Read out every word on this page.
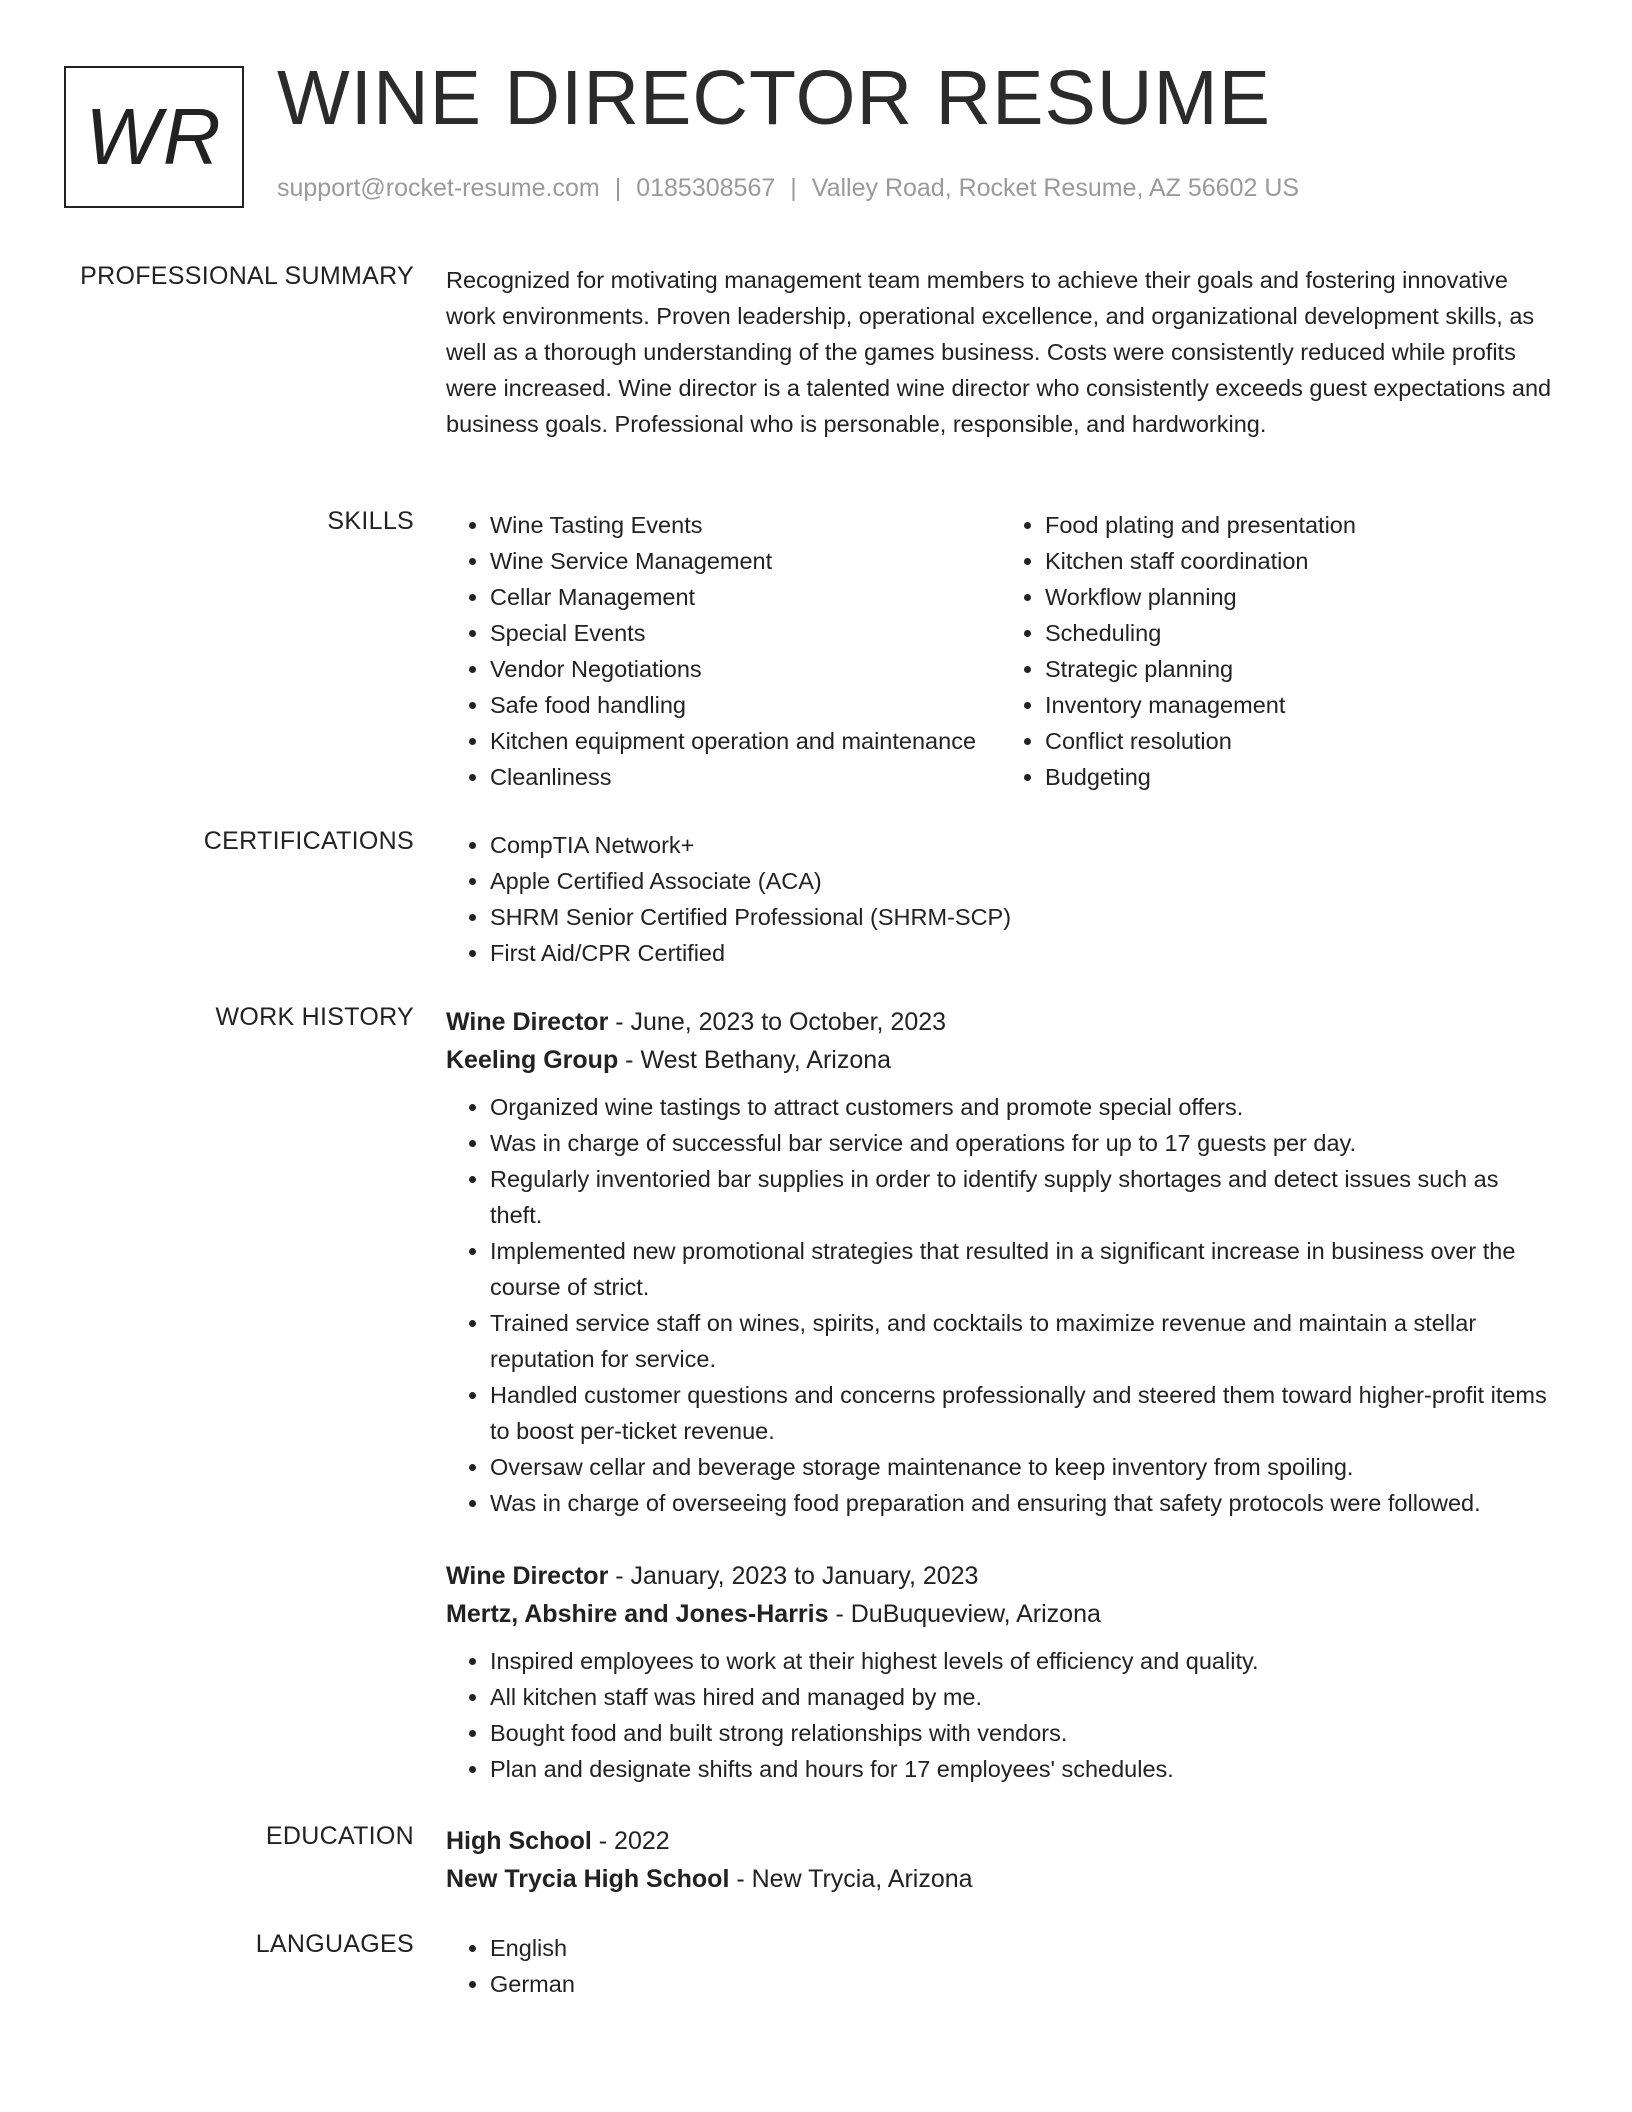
WR WINE DIRECTOR RESUME
support@rocket-resume.com | 0185308567 | Valley Road, Rocket Resume, AZ 56602 US
PROFESSIONAL SUMMARY Recognized for motivating management team members to achieve their goals and fostering innovative work environments. Proven leadership, operational excellence, and organizational development skills, as well as a thorough understanding of the games business. Costs were consistently reduced while profits were increased. Wine director is a talented wine director who consistently exceeds guest expectations and business goals. Professional who is personable, responsible, and hardworking.

SKILLS	• Wine Tasting Events
• Wine Service Management
• Cellar Management
• Special Events
• Vendor Negotiations
• Safe food handling
• Kitchen equipment operation and maintenance
• Cleanliness
• Food plating and presentation
• Kitchen staff coordination
• Workflow planning
• Scheduling
• Strategic planning
• Inventory management
• Conflict resolution
• Budgeting
CERTIFICATIONS	• CompTIA Network+
• Apple Certified Associate (ACA)
• SHRM Senior Certified Professional (SHRM-SCP)
• First Aid/CPR Certified
WORK HISTORY Wine Director - June, 2023 to October, 2023
Keeling Group - West Bethany, Arizona
• Organized wine tastings to attract customers and promote special offers.
• Was in charge of successful bar service and operations for up to 17 guests per day.
• Regularly inventoried bar supplies in order to identify supply shortages and detect issues such as theft.
• Implemented new promotional strategies that resulted in a significant increase in business over the course of strict.
• Trained service staff on wines, spirits, and cocktails to maximize revenue and maintain a stellar reputation for service.
• Handled customer questions and concerns professionally and steered them toward higher-profit items to boost per-ticket revenue.
• Oversaw cellar and beverage storage maintenance to keep inventory from spoiling.
• Was in charge of overseeing food preparation and ensuring that safety protocols were followed.
Wine Director - January, 2023 to January, 2023
Mertz, Abshire and Jones-Harris - DuBuqueview, Arizona
• Inspired employees to work at their highest levels of efficiency and quality.
• All kitchen staff was hired and managed by me.
• Bought food and built strong relationships with vendors.
• Plan and designate shifts and hours for 17 employees' schedules.
EDUCATION High School - 2022
New Trycia High School - New Trycia, Arizona
LANGUAGES	• English
• German
